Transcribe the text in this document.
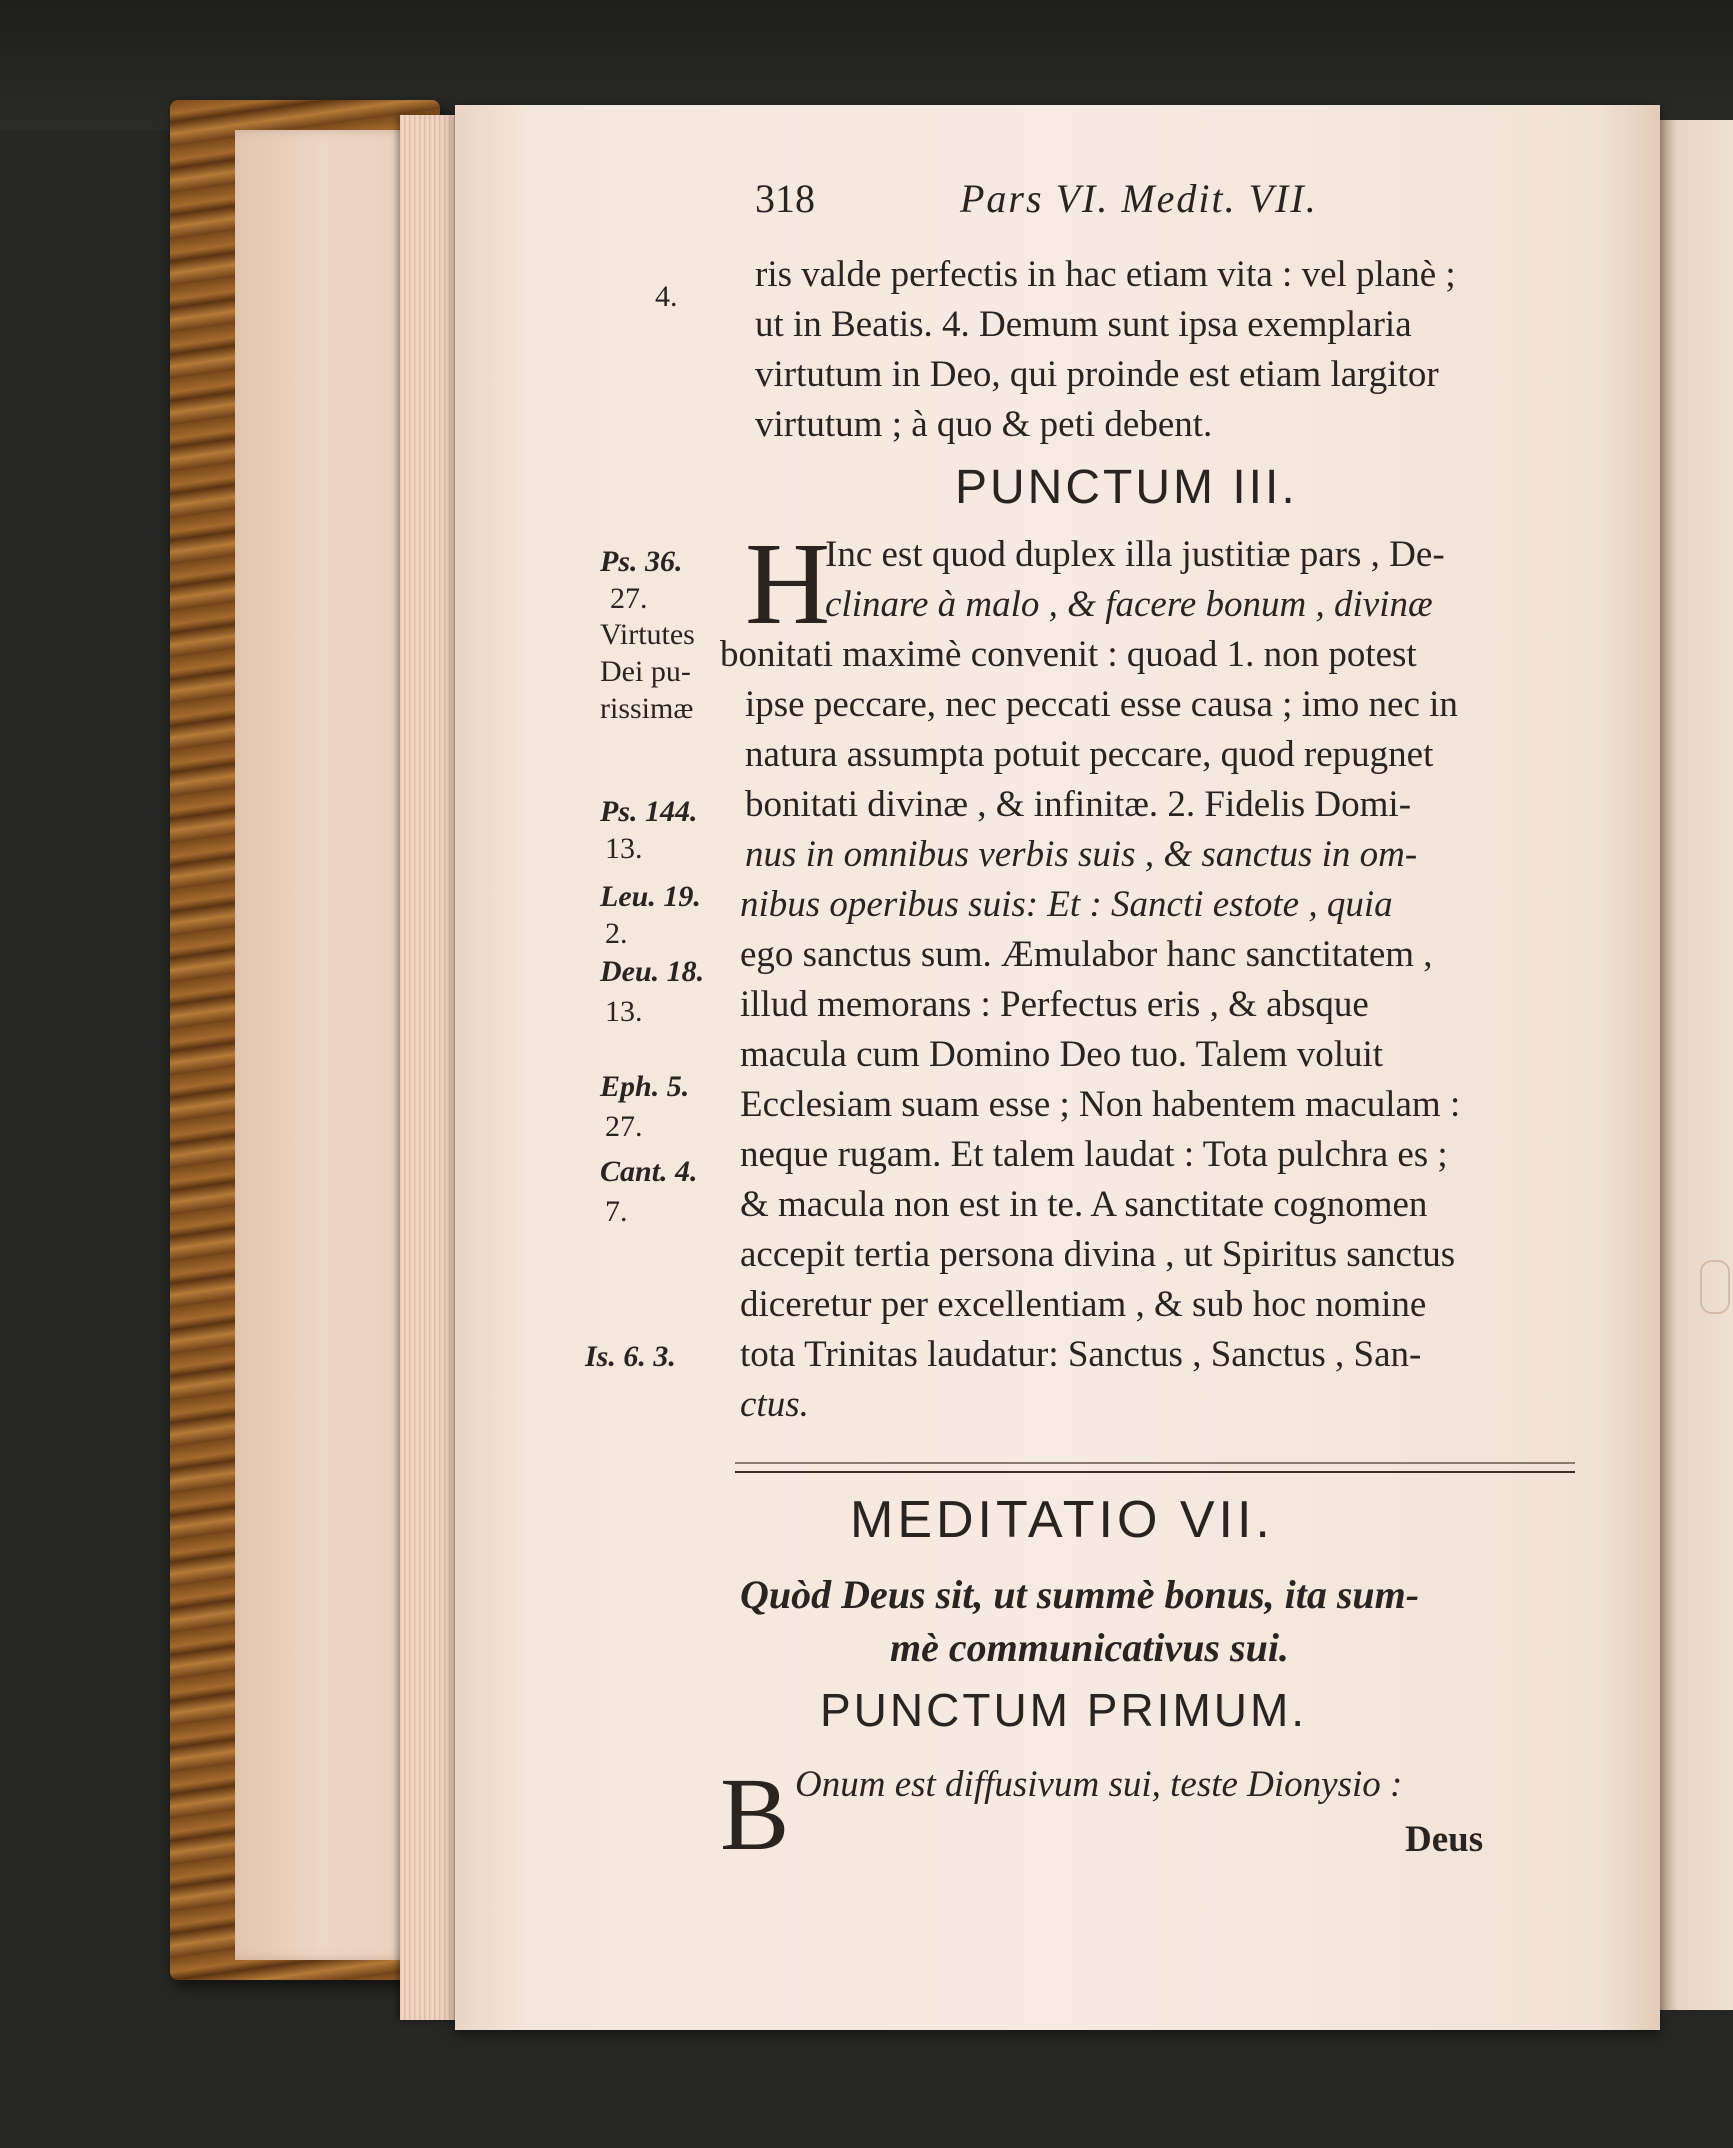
318	Pars VI. Medit. VII.
ris valde perfectis in hac etiam vita : vel planè ;
4.
ut in Beatis. 4. Demum sunt ipsa exemplaria
virtutum in Deo, qui proinde est etiam largitor
virtutum ; à quo & peti debent.
PUNCTUM III.
H
Inc est quod duplex illa justitiæ pars , De-
clinare à malo , & facere bonum , divinæ
bonitati maximè convenit : quoad 1. non potest
ipse peccare, nec peccati esse causa ; imo nec in
natura assumpta potuit peccare, quod repugnet
bonitati divinæ , & infinitæ. 2. Fidelis Domi-
nus in omnibus verbis suis , & sanctus in om-
nibus operibus suis: Et : Sancti estote , quia
ego sanctus sum. Æmulabor hanc sanctitatem ,
illud memorans : Perfectus eris , & absque
macula cum Domino Deo tuo. Talem voluit
Ecclesiam suam esse ; Non habentem maculam :
neque rugam. Et talem laudat : Tota pulchra es ;
& macula non est in te. A sanctitate cognomen
accepit tertia persona divina , ut Spiritus sanctus
diceretur per excellentiam , & sub hoc nomine
tota Trinitas laudatur: Sanctus , Sanctus , San-
ctus.
Ps. 36.
27.
Virtutes
Dei pu-
rissimæ
Ps. 144.
13.
Leu. 19.
2.
Deu. 18.
13.
Eph. 5.
27.
Cant. 4.
7.
Is. 6. 3.
MEDITATIO VII.
Quòd Deus sit, ut summè bonus, ita sum-
mè communicativus sui.
PUNCTUM PRIMUM.
B Onum est diffusivum sui, teste Dionysio :
Deus
